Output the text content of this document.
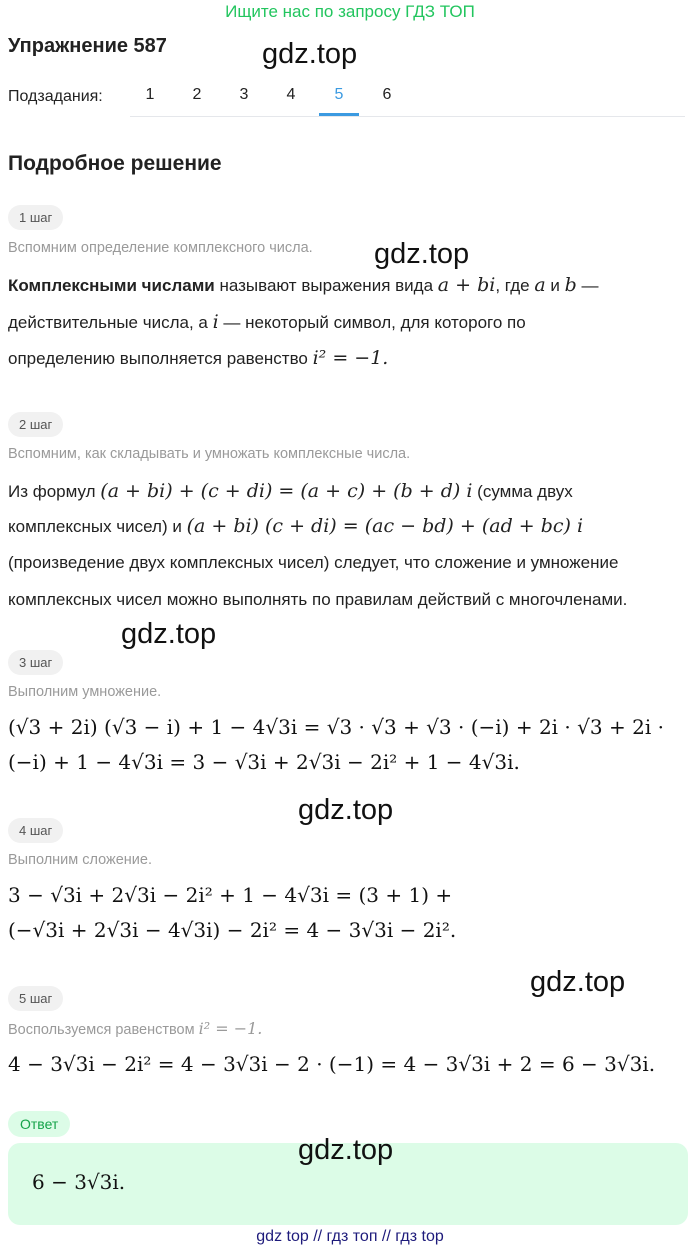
Ищите нас по запросу ГДЗ ТОП
Упражнение 587	gdz.top
Подзадания:	1	2	3	4	5	6
Подробное решение
1 шаг
Вспомним определение комплексного числа. gdz.top
Комплексными числами называют выражения вида a + bi, где a и b —
действительные числа, а i — некоторый символ, для которого по
определению выполняется равенство i² = −1.
2 шаг
Вспомним, как складывать и умножать комплексные числа.
Из формул (a + bi) + (c + di) = (a + c) + (b + d) i (сумма двух
комплексных чисел) и (a + bi) (c + di) = (ac − bd) + (ad + bc) i
(произведение двух комплексных чисел) следует, что сложение и умножение
комплексных чисел можно выполнять по правилам действий с многочленами.
gdz.top
3 шаг
Выполним умножение.
(√3 + 2i) (√3 − i) + 1 − 4√3i = √3 · √3 + √3 · (−i) + 2i · √3 + 2i ·
(−i) + 1 − 4√3i = 3 − √3i + 2√3i − 2i² + 1 − 4√3i.
gdz.top
4 шаг
Выполним сложение.
3 − √3i + 2√3i − 2i² + 1 − 4√3i = (3 + 1) +
(−√3i + 2√3i − 4√3i) − 2i² = 4 − 3√3i − 2i².
gdz.top
5 шаг
Воспользуемся равенством i² = −1.
4 − 3√3i − 2i² = 4 − 3√3i − 2 · (−1) = 4 − 3√3i + 2 = 6 − 3√3i.
Ответ
gdz.top
6 − 3√3i.
gdz top // гдз топ // гдз top
